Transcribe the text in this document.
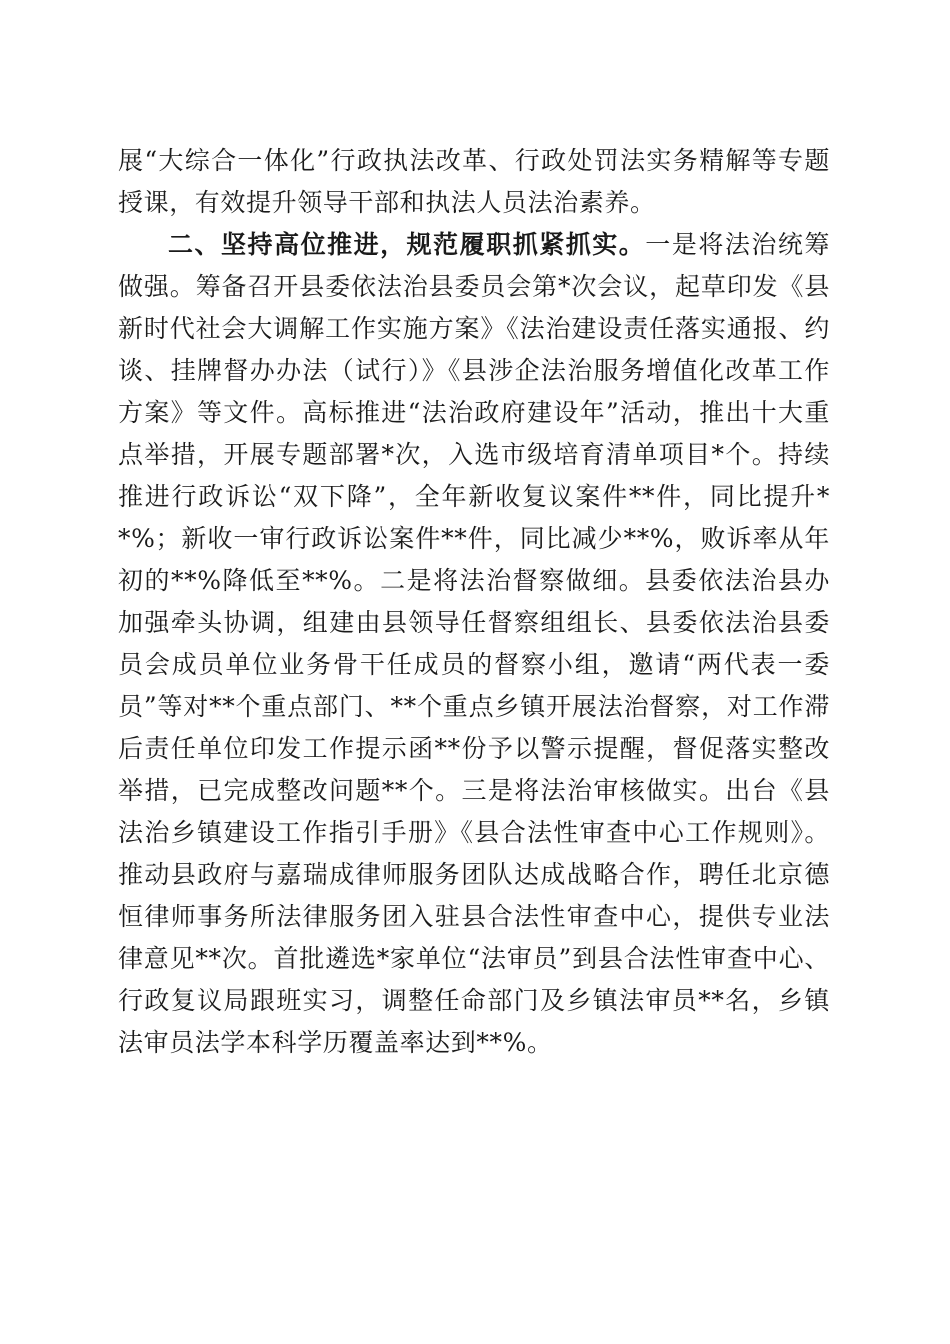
展“大综合一体化”行政执法改革、行政处罚法实务精解等专题授课，有效提升领导干部和执法人员法治素养。

二、坚持高位推进，规范履职抓紧抓实。一是将法治统筹做强。筹备召开县委依法治县委员会第*次会议，起草印发《县新时代社会大调解工作实施方案》《法治建设责任落实通报、约谈、挂牌督办办法（试行）》《县涉企法治服务增值化改革工作方案》等文件。高标推进“法治政府建设年”活动，推出十大重点举措，开展专题部署*次，入选市级培育清单项目*个。持续推进行政诉讼“双下降”，全年新收复议案件**件，同比提升**%；新收一审行政诉讼案件**件，同比减少**%，败诉率从年初的**%降低至**%。二是将法治督察做细。县委依法治县办加强牵头协调，组建由县领导任督察组组长、县委依法治县委员会成员单位业务骨干任成员的督察小组，邀请“两代表一委员”等对**个重点部门、**个重点乡镇开展法治督察，对工作滞后责任单位印发工作提示函**份予以警示提醒，督促落实整改举措，已完成整改问题**个。三是将法治审核做实。出台《县法治乡镇建设工作指引手册》《县合法性审查中心工作规则》。推动县政府与嘉瑞成律师服务团队达成战略合作，聘任北京德恒律师事务所法律服务团入驻县合法性审查中心，提供专业法律意见**次。首批遴选*家单位“法审员”到县合法性审查中心、行政复议局跟班实习，调整任命部门及乡镇法审员**名，乡镇法审员法学本科学历覆盖率达到**%。
